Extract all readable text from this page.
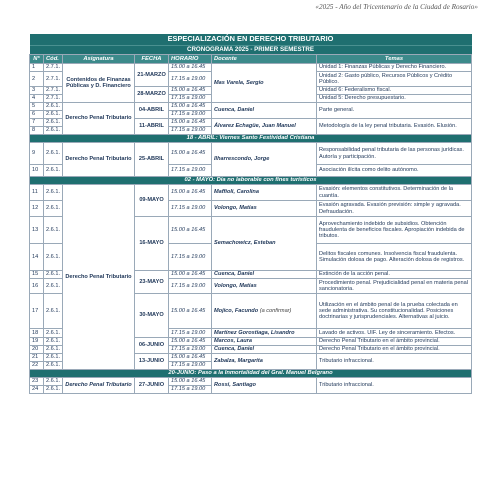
«2025 - Año del Tricentenario de la Ciudad de Rosario»
ESPECIALIZACIÓN EN DERECHO TRIBUTARIO						
CRONOGRAMA 2025 - PRIMER SEMESTRE						
N°	Cód.	Asignatura	FECHA	HORARIO	Docente	Temas
1	2.7.1.	Contenidos de Finanzas Públicas y D. Financiero	21-MARZO	15.00 a 16.45	Mas Varela, Sergio	Unidad 1: Finanzas Públicas y Derecho Financiero.
2	2.7.1.			17.15 a 19.00		Unidad 2: Gasto público, Recursos Públicos y Crédito Público.
3	2.7.1.		28-MARZO	15.00 a 16.45		Unidad 6: Federalismo fiscal.
4	2.7.1.			17.15 a 19.00		Unidad 5: Derecho presupuestario.
5	2.6.1.	Derecho Penal Tributario	04-ABRIL	15.00 a 16.45	Cuenca, Daniel	Parte general.
6	2.6.1.			17.15 a 19.00		
7	2.6.1.		11-ABRIL	15.00 a 16.45	Álvarez Echagüe, Juan Manuel	Metodología de la ley penal tributaria. Evasión. Elusión.
8	2.6.1.			17.15 a 19.00		
18 - ABRIL: Viernes Santo Festividad Cristiana						
9	2.6.1.	Derecho Penal Tributario	25-ABRIL	15.00 a 16.45	Ilharrescondo, Jorge	Responsabilidad penal tributaria de las personas jurídicas. Autoría y participación.
10	2.6.1.			17.15 a 19.00		Asociación ilícita como delito autónomo.
02 - MAYO: Día no laborable con fines turísticos						
11	2.6.1.	Derecho Penal Tributario	09-MAYO	15.00 a 16.45	Maffioli, Carolina	Evasión: elementos constitutivos. Determinación de la cuantía.
12	2.6.1.			17.15 a 19.00	Volongo, Matías	Evasión agravada. Evasión previsión: simple y agravada. Defraudación.
13	2.6.1.		16-MAYO	15.00 a 16.45	Semachowicz, Esteban	Aprovechamiento indebido de subsidios. Obtención fraudulenta de beneficios fiscales. Apropiación indebida de tributos.
14	2.6.1.			17.15 a 19.00		Delitos fiscales comunes. Insolvencia fiscal fraudulenta. Simulación dolosa de pago. Alteración dolosa de registros.
15	2.6.1.		23-MAYO	15.00 a 16.45	Cuenca, Daniel	Extinción de la acción penal.
16	2.6.1.			17.15 a 19.00	Volongo, Matías	Procedimiento penal. Prejudicialidad penal en materia penal sancionatoria.
17	2.6.1.		30-MAYO	15.00 a 16.45	Mojico, Facundo (a confirmar)	Utilización en el ámbito penal de la prueba colectada en sede administrativa. Su constitucionalidad. Posiciones doctrinarias y jurisprudenciales. Alternativas al juicio.
18	2.6.1.			17.15 a 19.00	Martínez Gorostiaga, Lisandro	Lavado de activos. UIF. Ley de sinceramiento. Efectos.
19	2.6.1.		06-JUNIO	15.00 a 16.45	Marcos, Laura	Derecho Penal Tributario en el ámbito provincial.
20	2.6.1.			17.15 a 19.00	Cuenca, Daniel	Derecho Penal Tributario en el ámbito provincial.
21	2.6.1.		13-JUNIO	15.00 a 16.45	Zabalza, Margarita	Tributario infraccional.
22	2.6.1.			17.15 a 19.00		
20-JUNIO: Paso a la Inmortalidad del Gral. Manuel Belgrano						
23	2.6.1.	Derecho Penal Tributario	27-JUNIO	15.00 a 16.45	Rossi, Santiago	Tributario infraccional.
24	2.6.1.			17.15 a 19.00		
